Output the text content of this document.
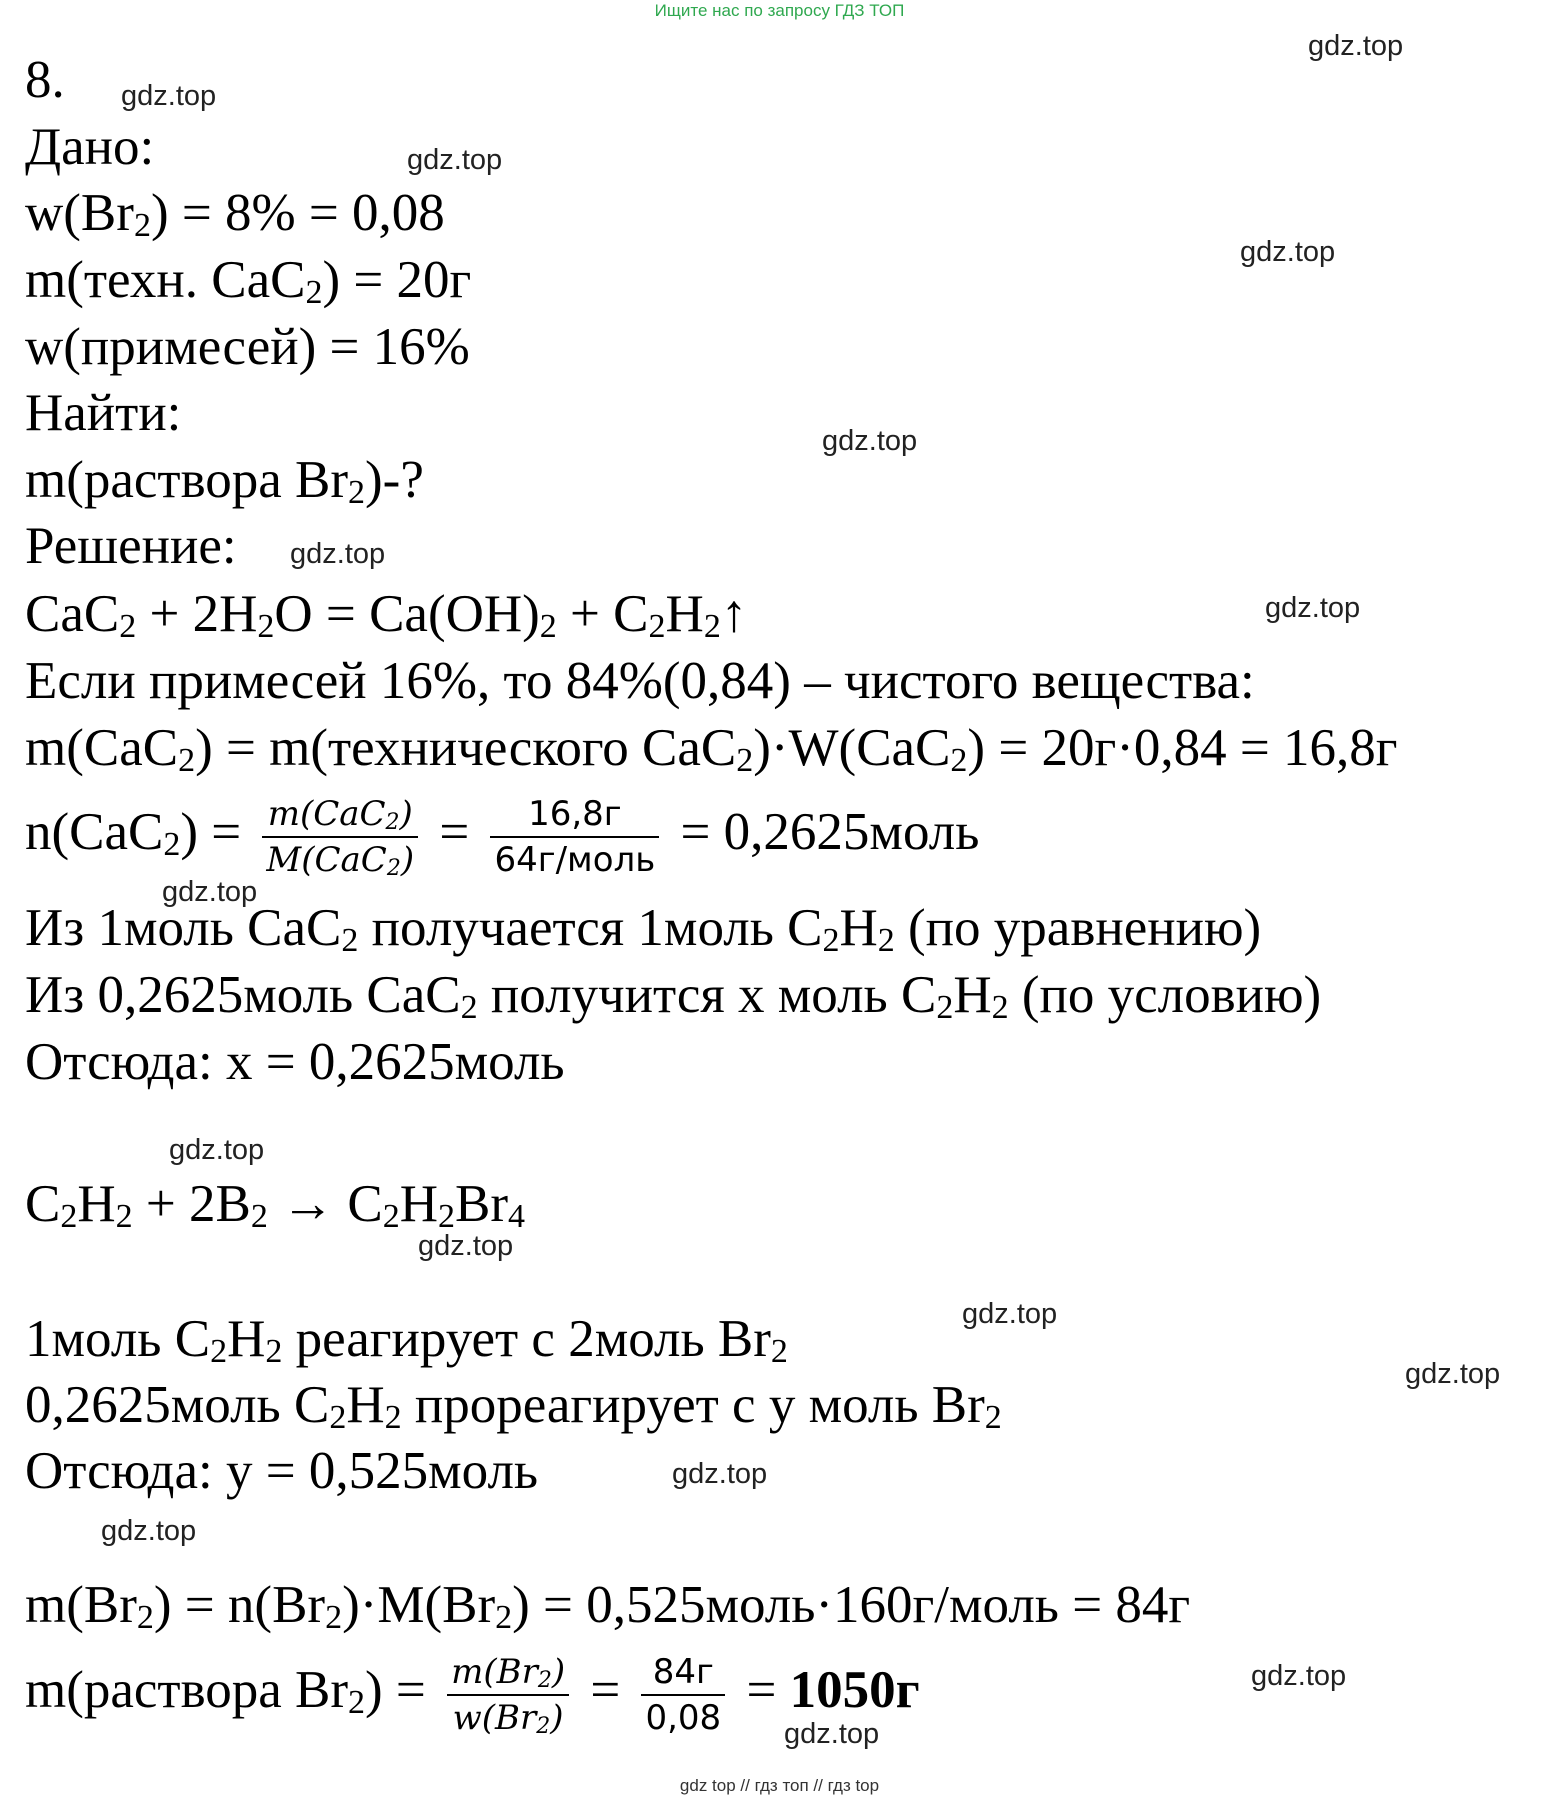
Ищите нас по запросу ГДЗ ТОП
gdz.top
gdz.top
gdz.top
gdz.top
gdz.top
gdz.top
gdz.top
gdz.top
gdz.top
gdz.top
gdz.top
gdz.top
gdz.top
gdz.top
gdz.top
gdz.top
8.
Дано:
$w(Br_2) = 8\% = 0,08$
m(техн. CaC$_2$) = 20г
w(примесей) = 16%
Найти:
m(раствора $Br_2)-$?
Решение:
$CaC_2 + 2H_2O = Ca(OH)_2$ + $C_2H_2↑$
Если примесей 16%, то 84%(0,84) – чистого вещества:
m(CaC$_2$) = m(технического CaC$_2$)·W(CaC$_2$) = 20г·0,84 = 16,8г
$n(CaC_2) = \frac{m(CaC_2)}{M(CaC_2)} = \frac{16,8г}{\text{64г/моль}}$ = 0,2625моль
Из 1моль CaC$_2$ получается 1моль $C_2H_2$ (по уравнению)
Из 0,2625моль CaC$_2$ получится x моль $C_2H_2$ (по условию)
Отсюда: x = 0,2625моль
$C_2H_2 + 2B_2 \to C_2H_2Br_4$
1моль $C_2H_2$ реагирует с 2моль $Br_2$
0,2625моль $C_2H_2$ прореагирует с y моль $Br_2$
Отсюда: y = 0,525моль
$m(Br_2) = n(Br_2)\cdot M(Br_2)$ = 0,525моль·160г/моль = 84г
m(раствора $Br_2) = \frac{m(Br_2)}{w(Br_2)} = \frac{84г}{0,08} = 1050г$
gdz top // гдз топ // гдз top
